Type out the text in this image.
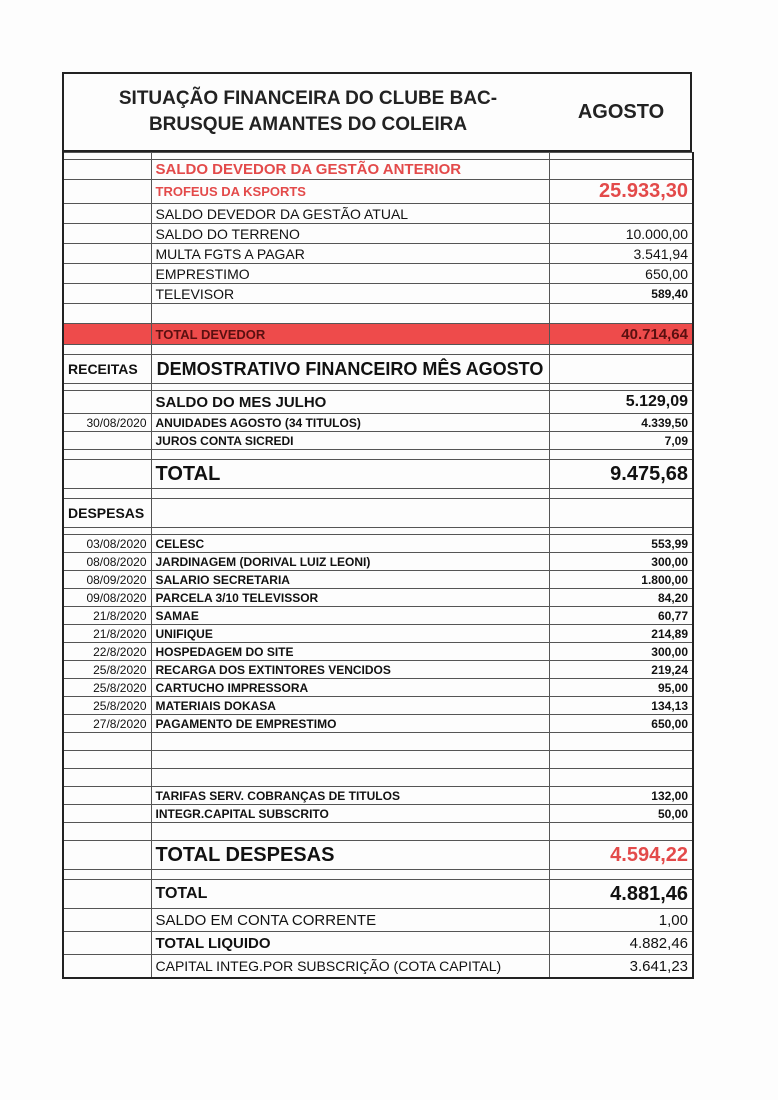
SITUAÇÃO FINANCEIRA DO CLUBE BAC-
BRUSQUE AMANTES DO COLEIRA
AGOSTO

	SALDO DEVEDOR DA GESTÃO ANTERIOR	
	TROFEUS DA KSPORTS	25.933,30
	SALDO DEVEDOR DA GESTÃO ATUAL	
	SALDO DO TERRENO	10.000,00
	MULTA FGTS A PAGAR	3.541,94
	EMPRESTIMO	650,00
	TELEVISOR	589,40

	TOTAL DEVEDOR	40.714,64

RECEITAS	DEMOSTRATIVO FINANCEIRO MÊS AGOSTO	

	SALDO DO MES JULHO	5.129,09
30/08/2020	ANUIDADES AGOSTO (34 TITULOS)	4.339,50
	JUROS CONTA SICREDI	7,09

	TOTAL	9.475,68

DESPESAS		

03/08/2020	CELESC	553,99
08/08/2020	JARDINAGEM (DORIVAL LUIZ LEONI)	300,00
08/09/2020	SALARIO SECRETARIA	1.800,00
09/08/2020	PARCELA 3/10 TELEVISSOR	84,20
21/8/2020	SAMAE	60,77
21/8/2020	UNIFIQUE	214,89
22/8/2020	HOSPEDAGEM DO SITE	300,00
25/8/2020	RECARGA DOS EXTINTORES VENCIDOS	219,24
25/8/2020	CARTUCHO IMPRESSORA	95,00
25/8/2020	MATERIAIS DOKASA	134,13
27/8/2020	PAGAMENTO DE EMPRESTIMO	650,00

	TARIFAS SERV. COBRANÇAS DE TITULOS	132,00
	INTEGR.CAPITAL SUBSCRITO	50,00

	TOTAL DESPESAS	4.594,22

	TOTAL	4.881,46
	SALDO EM CONTA CORRENTE	1,00
	TOTAL LIQUIDO	4.882,46
	CAPITAL INTEG.POR SUBSCRIÇÃO (COTA CAPITAL)	3.641,23
